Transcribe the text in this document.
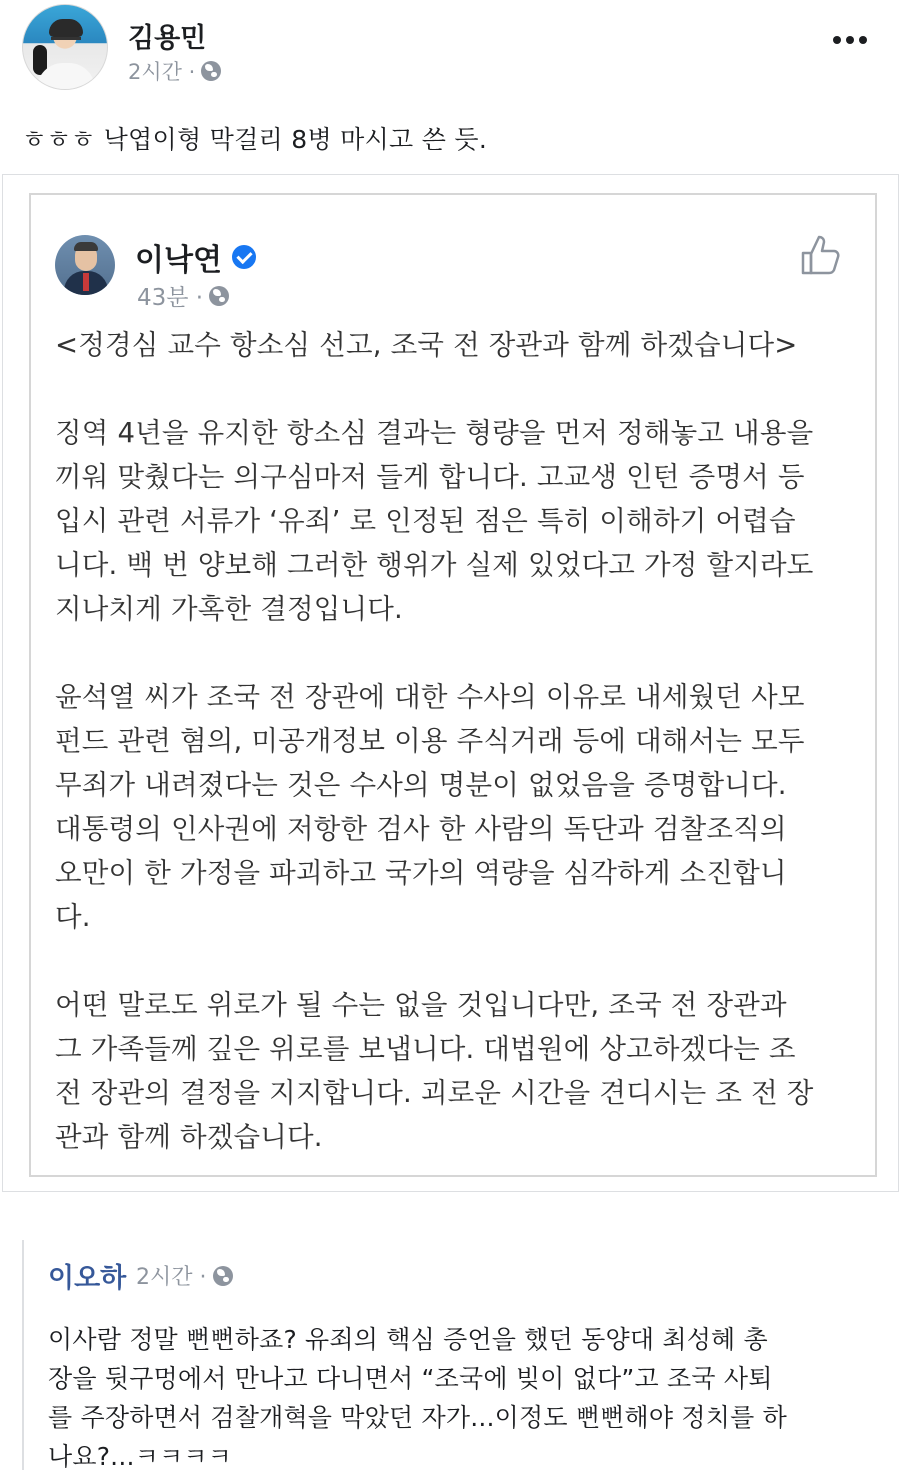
김용민
2시간 ·
ㅎㅎㅎ 낙엽이형 막걸리 8병 마시고 쓴 듯.
이낙연
43분 ·

<정경심 교수 항소심 선고, 조국 전 장관과 함께 하겠습니다>

징역 4년을 유지한 항소심 결과는 형량을 먼저 정해놓고 내용을
끼워 맞췄다는 의구심마저 들게 합니다. 고교생 인턴 증명서 등
입시 관련 서류가 ‘유죄’ 로 인정된 점은 특히 이해하기 어렵습
니다. 백 번 양보해 그러한 행위가 실제 있었다고 가정 할지라도
지나치게 가혹한 결정입니다.

윤석열 씨가 조국 전 장관에 대한 수사의 이유로 내세웠던 사모
펀드 관련 혐의, 미공개정보 이용 주식거래 등에 대해서는 모두
무죄가 내려졌다는 것은 수사의 명분이 없었음을 증명합니다.
대통령의 인사권에 저항한 검사 한 사람의 독단과 검찰조직의
오만이 한 가정을 파괴하고 국가의 역량을 심각하게 소진합니
다.

어떤 말로도 위로가 될 수는 없을 것입니다만, 조국 전 장관과
그 가족들께 깊은 위로를 보냅니다. 대법원에 상고하겠다는 조
전 장관의 결정을 지지합니다. 괴로운 시간을 견디시는 조 전 장
관과 함께 하겠습니다.

이오하 2시간 ·
이사람 정말 뻔뻔하죠? 유죄의 핵심 증언을 했던 동양대 최성혜 총
장을 뒷구멍에서 만나고 다니면서 “조국에 빚이 없다”고 조국 사퇴
를 주장하면서 검찰개혁을 막았던 자가...이정도 뻔뻔해야 정치를 하
나요?...ㅋㅋㅋㅋ
